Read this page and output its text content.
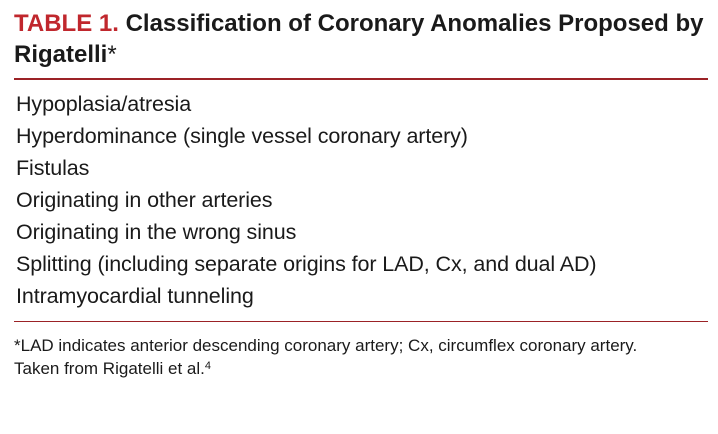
TABLE 1. Classification of Coronary Anomalies Proposed by Rigatelli*
Hypoplasia/atresia
Hyperdominance (single vessel coronary artery)
Fistulas
Originating in other arteries
Originating in the wrong sinus
Splitting (including separate origins for LAD, Cx, and dual AD)
Intramyocardial tunneling

*LAD indicates anterior descending coronary artery; Cx, circumflex coronary artery.

Taken from Rigatelli et al.$^4$
